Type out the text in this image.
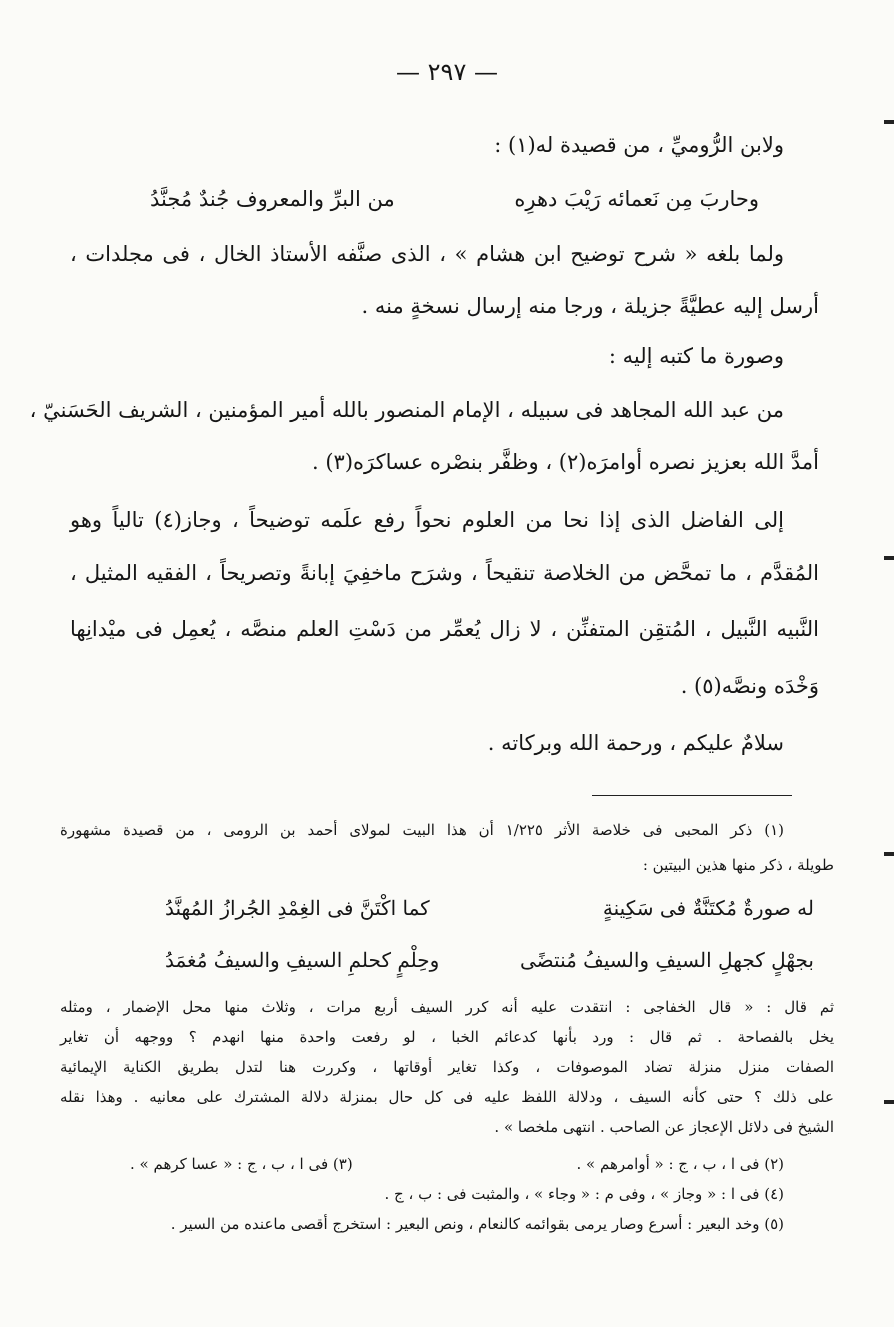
— ٢٩٧ —
ولابن الرُّوميِّ ، من قصيدة له(١) :
وحاربَ مِن نَعمائه رَيْبَ دهرِه
من البرِّ والمعروف جُندٌ مُجنَّدُ
ولما بلغه « شرح توضيح ابن هشام » ، الذى صنَّفه الأستاذ الخال ، فى مجلدات ،
أرسل إليه عطيَّةً جزيلة ، ورجا منه إرسال نسخةٍ منه .
وصورة ما كتبه إليه :
من عبد الله المجاهد فى سبيله ، الإمام المنصور بالله أمير المؤمنين ، الشريف الحَسَنيّ ،
أمدَّ الله بعزيز نصره أوامرَه(٢) ، وظفَّر بنصْره عساكرَه(٣) .
إلى الفاضل الذى إذا نحا من العلوم نحواً رفع علَمه توضيحاً ، وجاز(٤) تالياً وهو
المُقدَّم ، ما تمحَّض من الخلاصة تنقيحاً ، وشرَح ماخفِيَ إبانةً وتصريحاً ، الفقيه المثيل ،
النَّبيه النَّبيل ، المُتقِن المتفنِّن ، لا زال يُعمِّر من دَسْتِ العلم منصَّه ، يُعمِل فى ميْدانِها
وَخْدَه ونصَّه(٥) .
سلامٌ عليكم ، ورحمة الله وبركاته .
(١) ذكر المحبى فى خلاصة الأثر ١/٢٢٥ أن هذا البيت لمولاى أحمد بن الرومى ، من قصيدة مشهورة
طويلة ، ذكر منها هذين البيتين :
له صورةٌ مُكتَنَّةٌ فى سَكِينةٍ
كما اكْتَنَّ فى الغِمْدِ الجُرازُ المُهنَّدُ
بجهْلٍ كجهلِ السيفِ والسيفُ مُنتضًى
وحِلْمٍ كحلمِ السيفِ والسيفُ مُغمَدُ
ثم قال : « قال الخفاجى : انتقدت عليه أنه كرر السيف أربع مرات ، وثلاث منها محل الإضمار ، ومثله
يخل بالفصاحة . ثم قال : ورد بأنها كدعائم الخبا ، لو رفعت واحدة منها انهدم ؟ ووجهه أن تغاير
الصفات منزل منزلة تضاد الموصوفات ، وكذا تغاير أوقاتها ، وكررت هنا لتدل بطريق الكناية الإيمائية
على ذلك ؟ حتى كأنه السيف ، ودلالة اللفظ عليه فى كل حال بمنزلة دلالة المشترك على معانيه . وهذا نقله
الشيخ فى دلائل الإعجاز عن الصاحب . انتهى ملخصا » .
(٢) فى ا ، ب ، ج : « أوامرهم » .
(٣) فى ا ، ب ، ج : « عسا كرهم » .
(٤) فى ا : « وجاز » ، وفى م : « وجاء » ، والمثبت فى : ب ، ج .
(٥) وخد البعير : أسرع وصار يرمى بقوائمه كالنعام ، ونص البعير : استخرج أقصى ماعنده من السير .
